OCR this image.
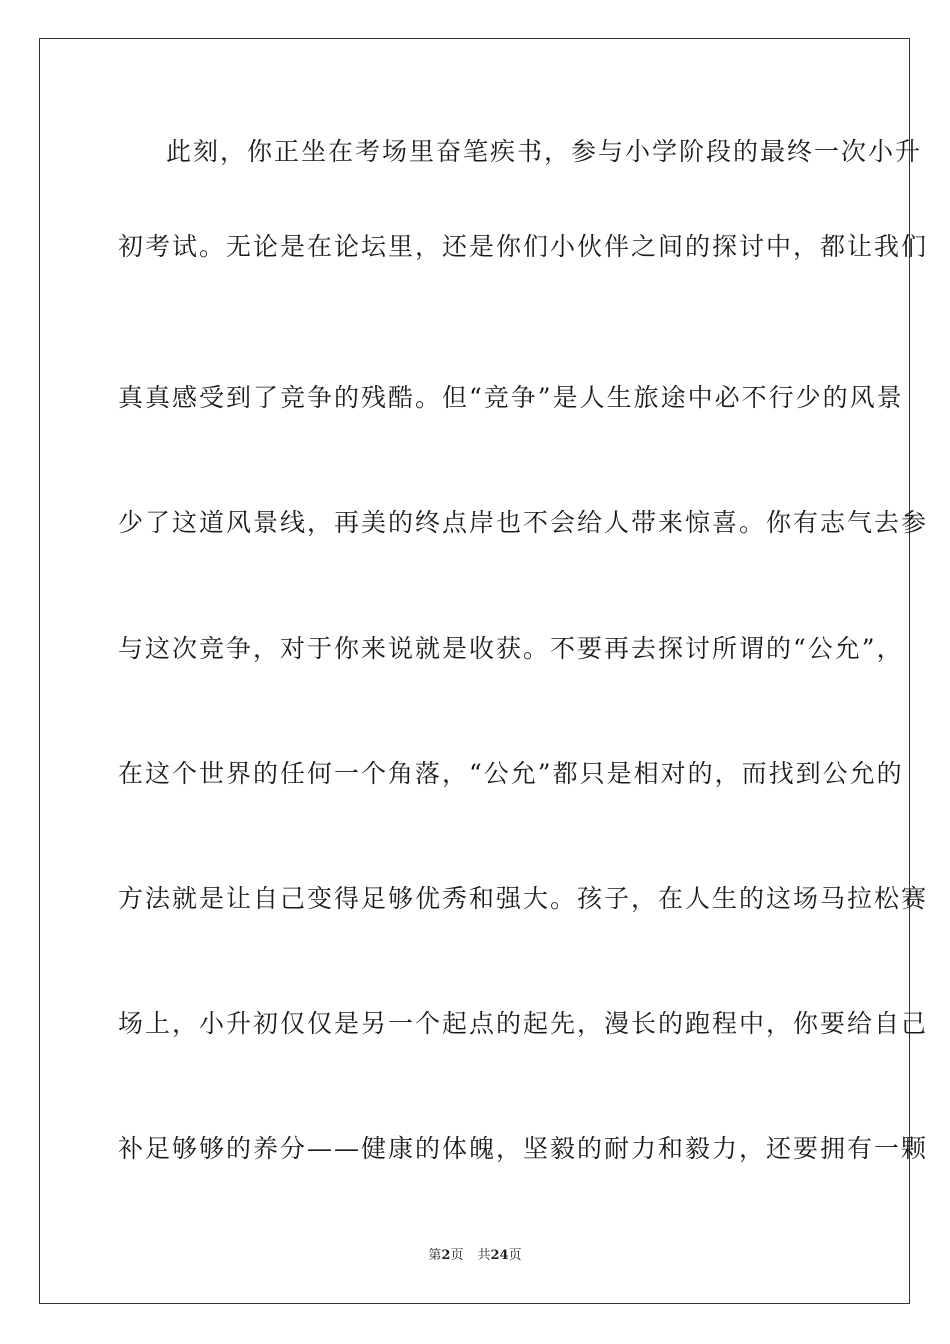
此刻，你正坐在考场里奋笔疾书，参与小学阶段的最终一次小升
初考试。无论是在论坛里，还是你们小伙伴之间的探讨中，都让我们
真真感受到了竞争的残酷。但“竞争”是人生旅途中必不行少的风景
少了这道风景线，再美的终点岸也不会给人带来惊喜。你有志气去参
与这次竞争，对于你来说就是收获。不要再去探讨所谓的“公允”，
在这个世界的任何一个角落，“公允”都只是相对的，而找到公允的
方法就是让自己变得足够优秀和强大。孩子，在人生的这场马拉松赛
场上，小升初仅仅是另一个起点的起先，漫长的跑程中，你要给自己
补足够够的养分——健康的体魄，坚毅的耐力和毅力，还要拥有一颗
第2页 共24页
